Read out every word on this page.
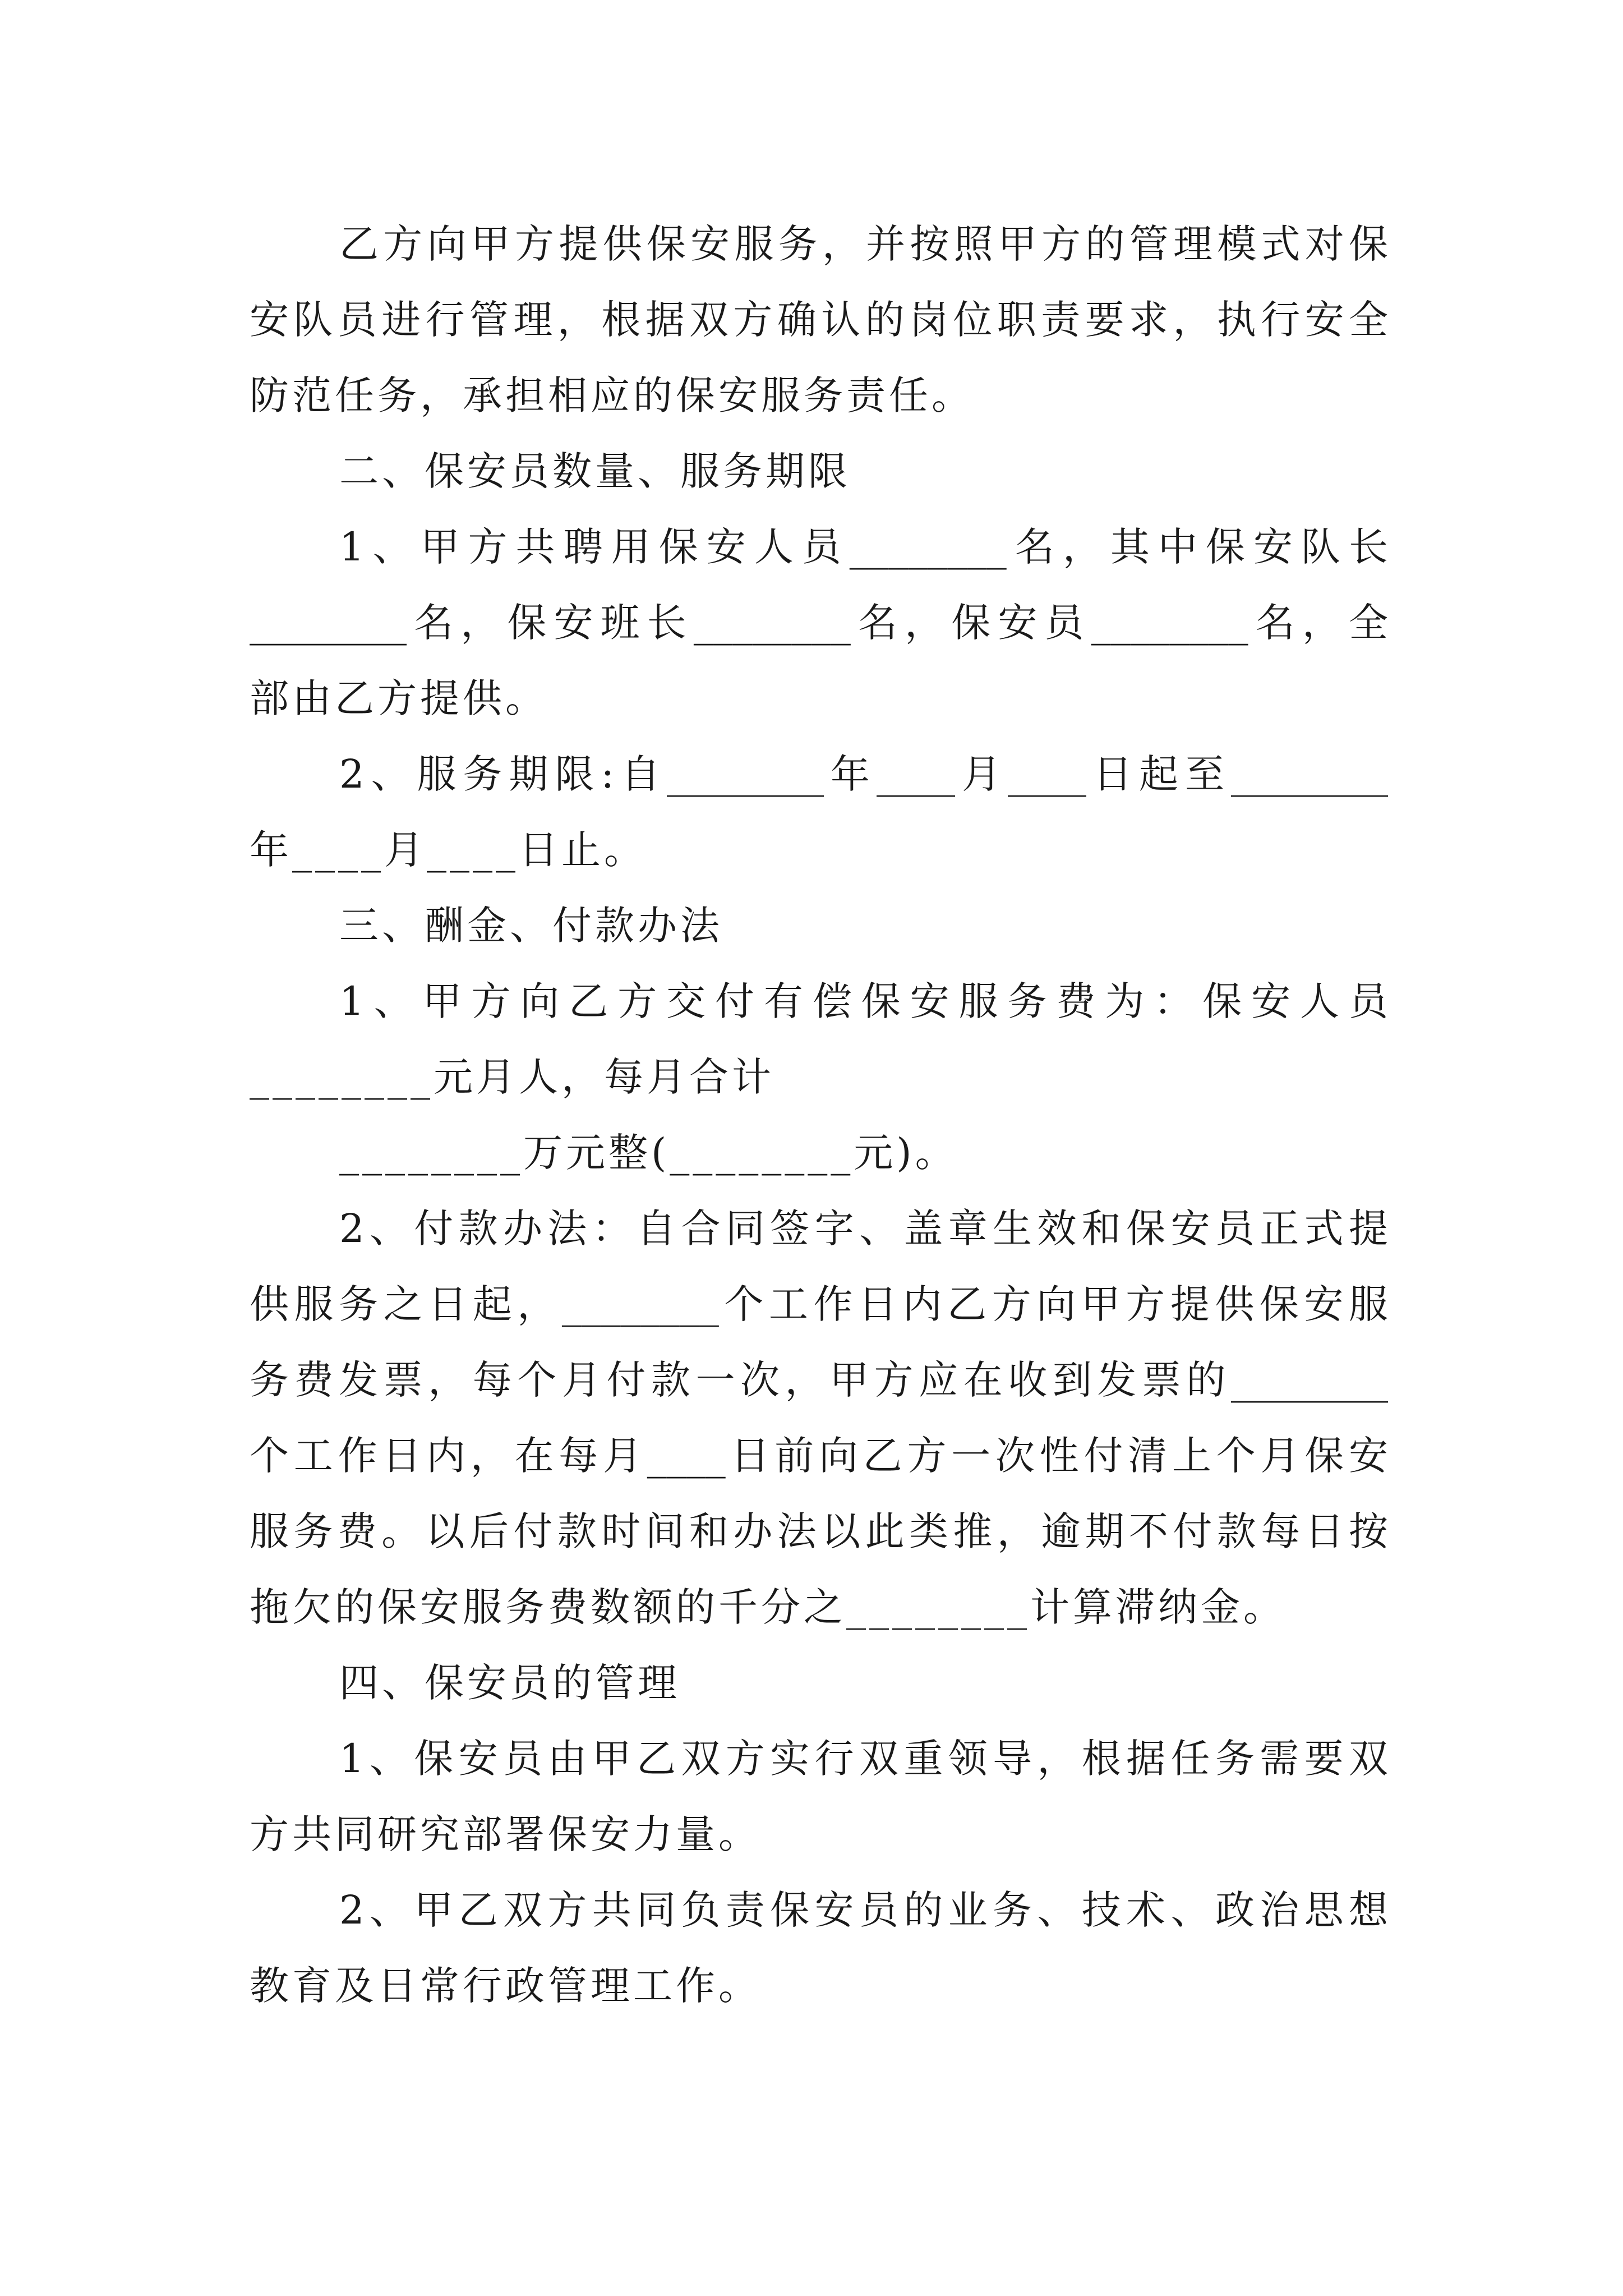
乙方向甲方提供保安服务，并按照甲方的管理模式对保
安队员进行管理，根据双方确认的岗位职责要求，执行安全
防范任务，承担相应的保安服务责任。
二、保安员数量、服务期限
1、甲方共聘用保安人员________名，其中保安队长
________名，保安班长________名，保安员________名，全
部由乙方提供。
2、服务期限:自________年____月____日起至________
年____月____日止。
三、酬金、付款办法
1、甲方向乙方交付有偿保安服务费为：保安人员
________元月人，每月合计
________万元整(________元)。
2、付款办法：自合同签字、盖章生效和保安员正式提
供服务之日起，________个工作日内乙方向甲方提供保安服
务费发票，每个月付款一次，甲方应在收到发票的________
个工作日内，在每月____日前向乙方一次性付清上个月保安
服务费。以后付款时间和办法以此类推，逾期不付款每日按
拖欠的保安服务费数额的千分之________计算滞纳金。
四、保安员的管理
1、保安员由甲乙双方实行双重领导，根据任务需要双
方共同研究部署保安力量。
2、甲乙双方共同负责保安员的业务、技术、政治思想
教育及日常行政管理工作。
